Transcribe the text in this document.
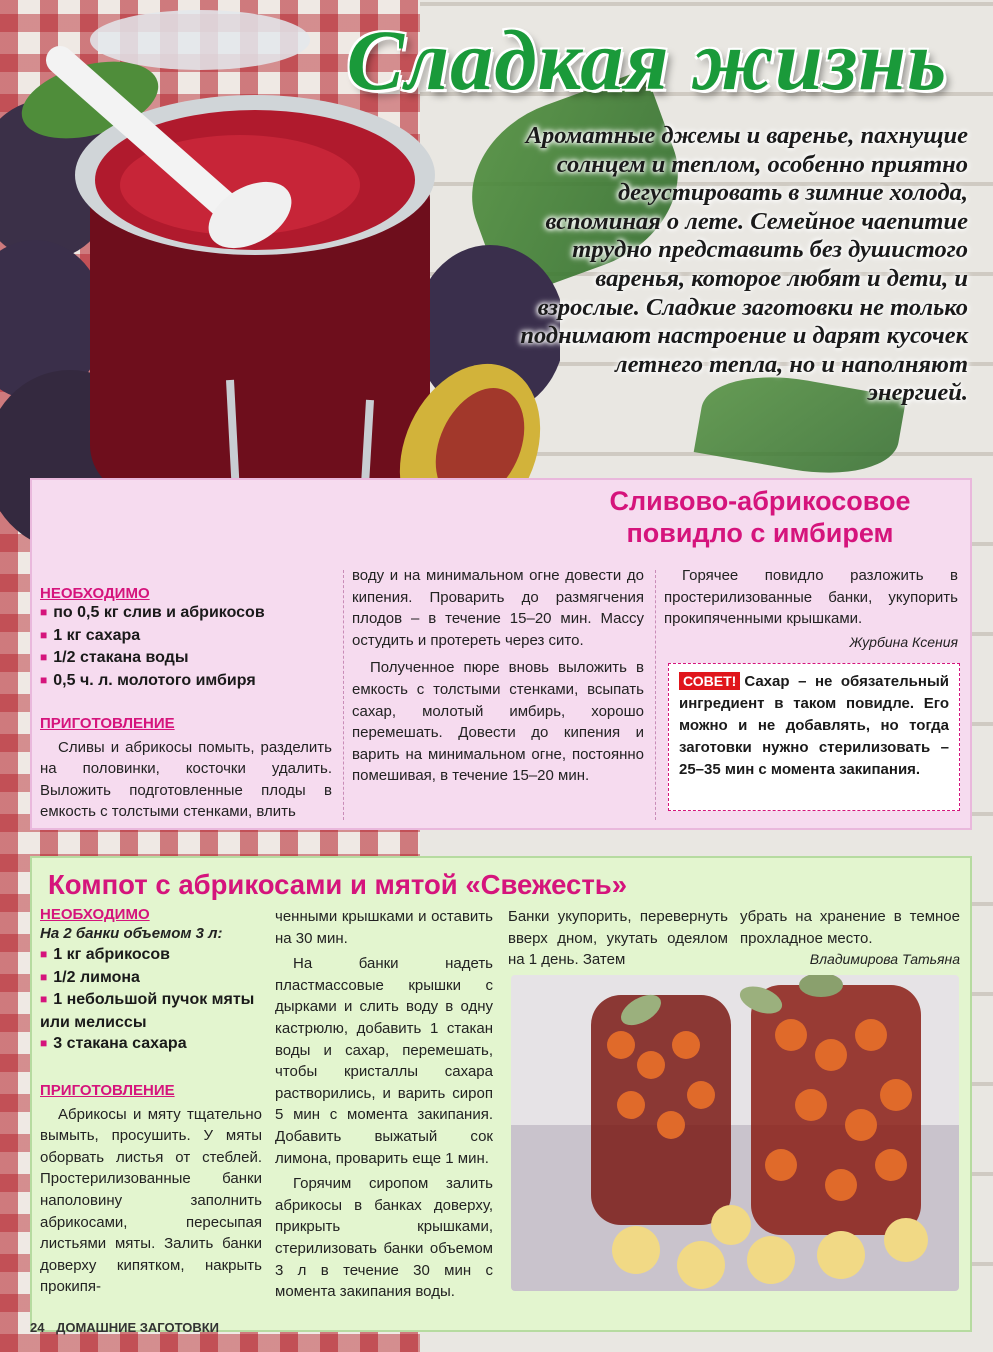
Сладкая жизнь
Ароматные джемы и варенье, пахнущие солнцем и теплом, особенно приятно дегустировать в зимние холода, вспоминая о лете. Семейное чаепитие трудно представить без душистого варенья, которое любят и дети, и взрослые. Сладкие заготовки не только поднимают настроение и дарят кусочек летнего тепла, но и наполняют энергией.
Сливово-абрикосовое повидло с имбирем
НЕОБХОДИМО
■ по 0,5 кг слив и абрикосов
■ 1 кг сахара
■ 1/2 стакана воды
■ 0,5 ч. л. молотого имбиря
ПРИГОТОВЛЕНИЕ

Сливы и абрикосы помыть, разделить на половинки, косточки удалить. Выложить подготовленные плоды в емкость с толстыми стенками, влить

воду и на минимальном огне довести до кипения. Проварить до размягчения плодов – в течение 15–20 мин. Массу остудить и протереть через сито.

Полученное пюре вновь выложить в емкость с толстыми стенками, всыпать сахар, молотый имбирь, хорошо перемешать. Довести до кипения и варить на минимальном огне, постоянно помешивая, в течение 15–20 мин.

Горячее повидло разложить в простерилизованные банки, укупорить прокипяченными крышками.

Журбина Ксения
СОВЕТ! Сахар – не обязательный ингредиент в таком повидле. Его можно и не добавлять, но тогда заготовки нужно стерилизовать – 25–35 мин с момента закипания.
Компот с абрикосами и мятой «Свежесть»
НЕОБХОДИМО
На 2 банки объемом 3 л:
■ 1 кг абрикосов
■ 1/2 лимона
■ 1 небольшой пучок мяты или мелиссы
■ 3 стакана сахара
ПРИГОТОВЛЕНИЕ

Абрикосы и мяту тщательно вымыть, просушить. У мяты оборвать листья от стеблей. Простерилизованные банки наполовину заполнить абрикосами, пересыпая листьями мяты. Залить банки доверху кипятком, накрыть прокипя-

ченными крышками и оставить на 30 мин.

На банки надеть пластмассовые крышки с дырками и слить воду в одну кастрюлю, добавить 1 стакан воды и сахар, перемешать, чтобы кристаллы сахара растворились, и варить сироп 5 мин с момента закипания. Добавить выжатый сок лимона, проварить еще 1 мин.

Горячим сиропом залить абрикосы в банках доверху, прикрыть крышками, стерилизовать банки объемом 3 л в течение 30 мин с момента закипания воды.

Банки укупорить, перевернуть вверх дном, укутать одеялом на 1 день. Затем

убрать на хранение в темное прохладное место.

Владимирова Татьяна
24 ДОМАШНИЕ ЗАГОТОВКИ
